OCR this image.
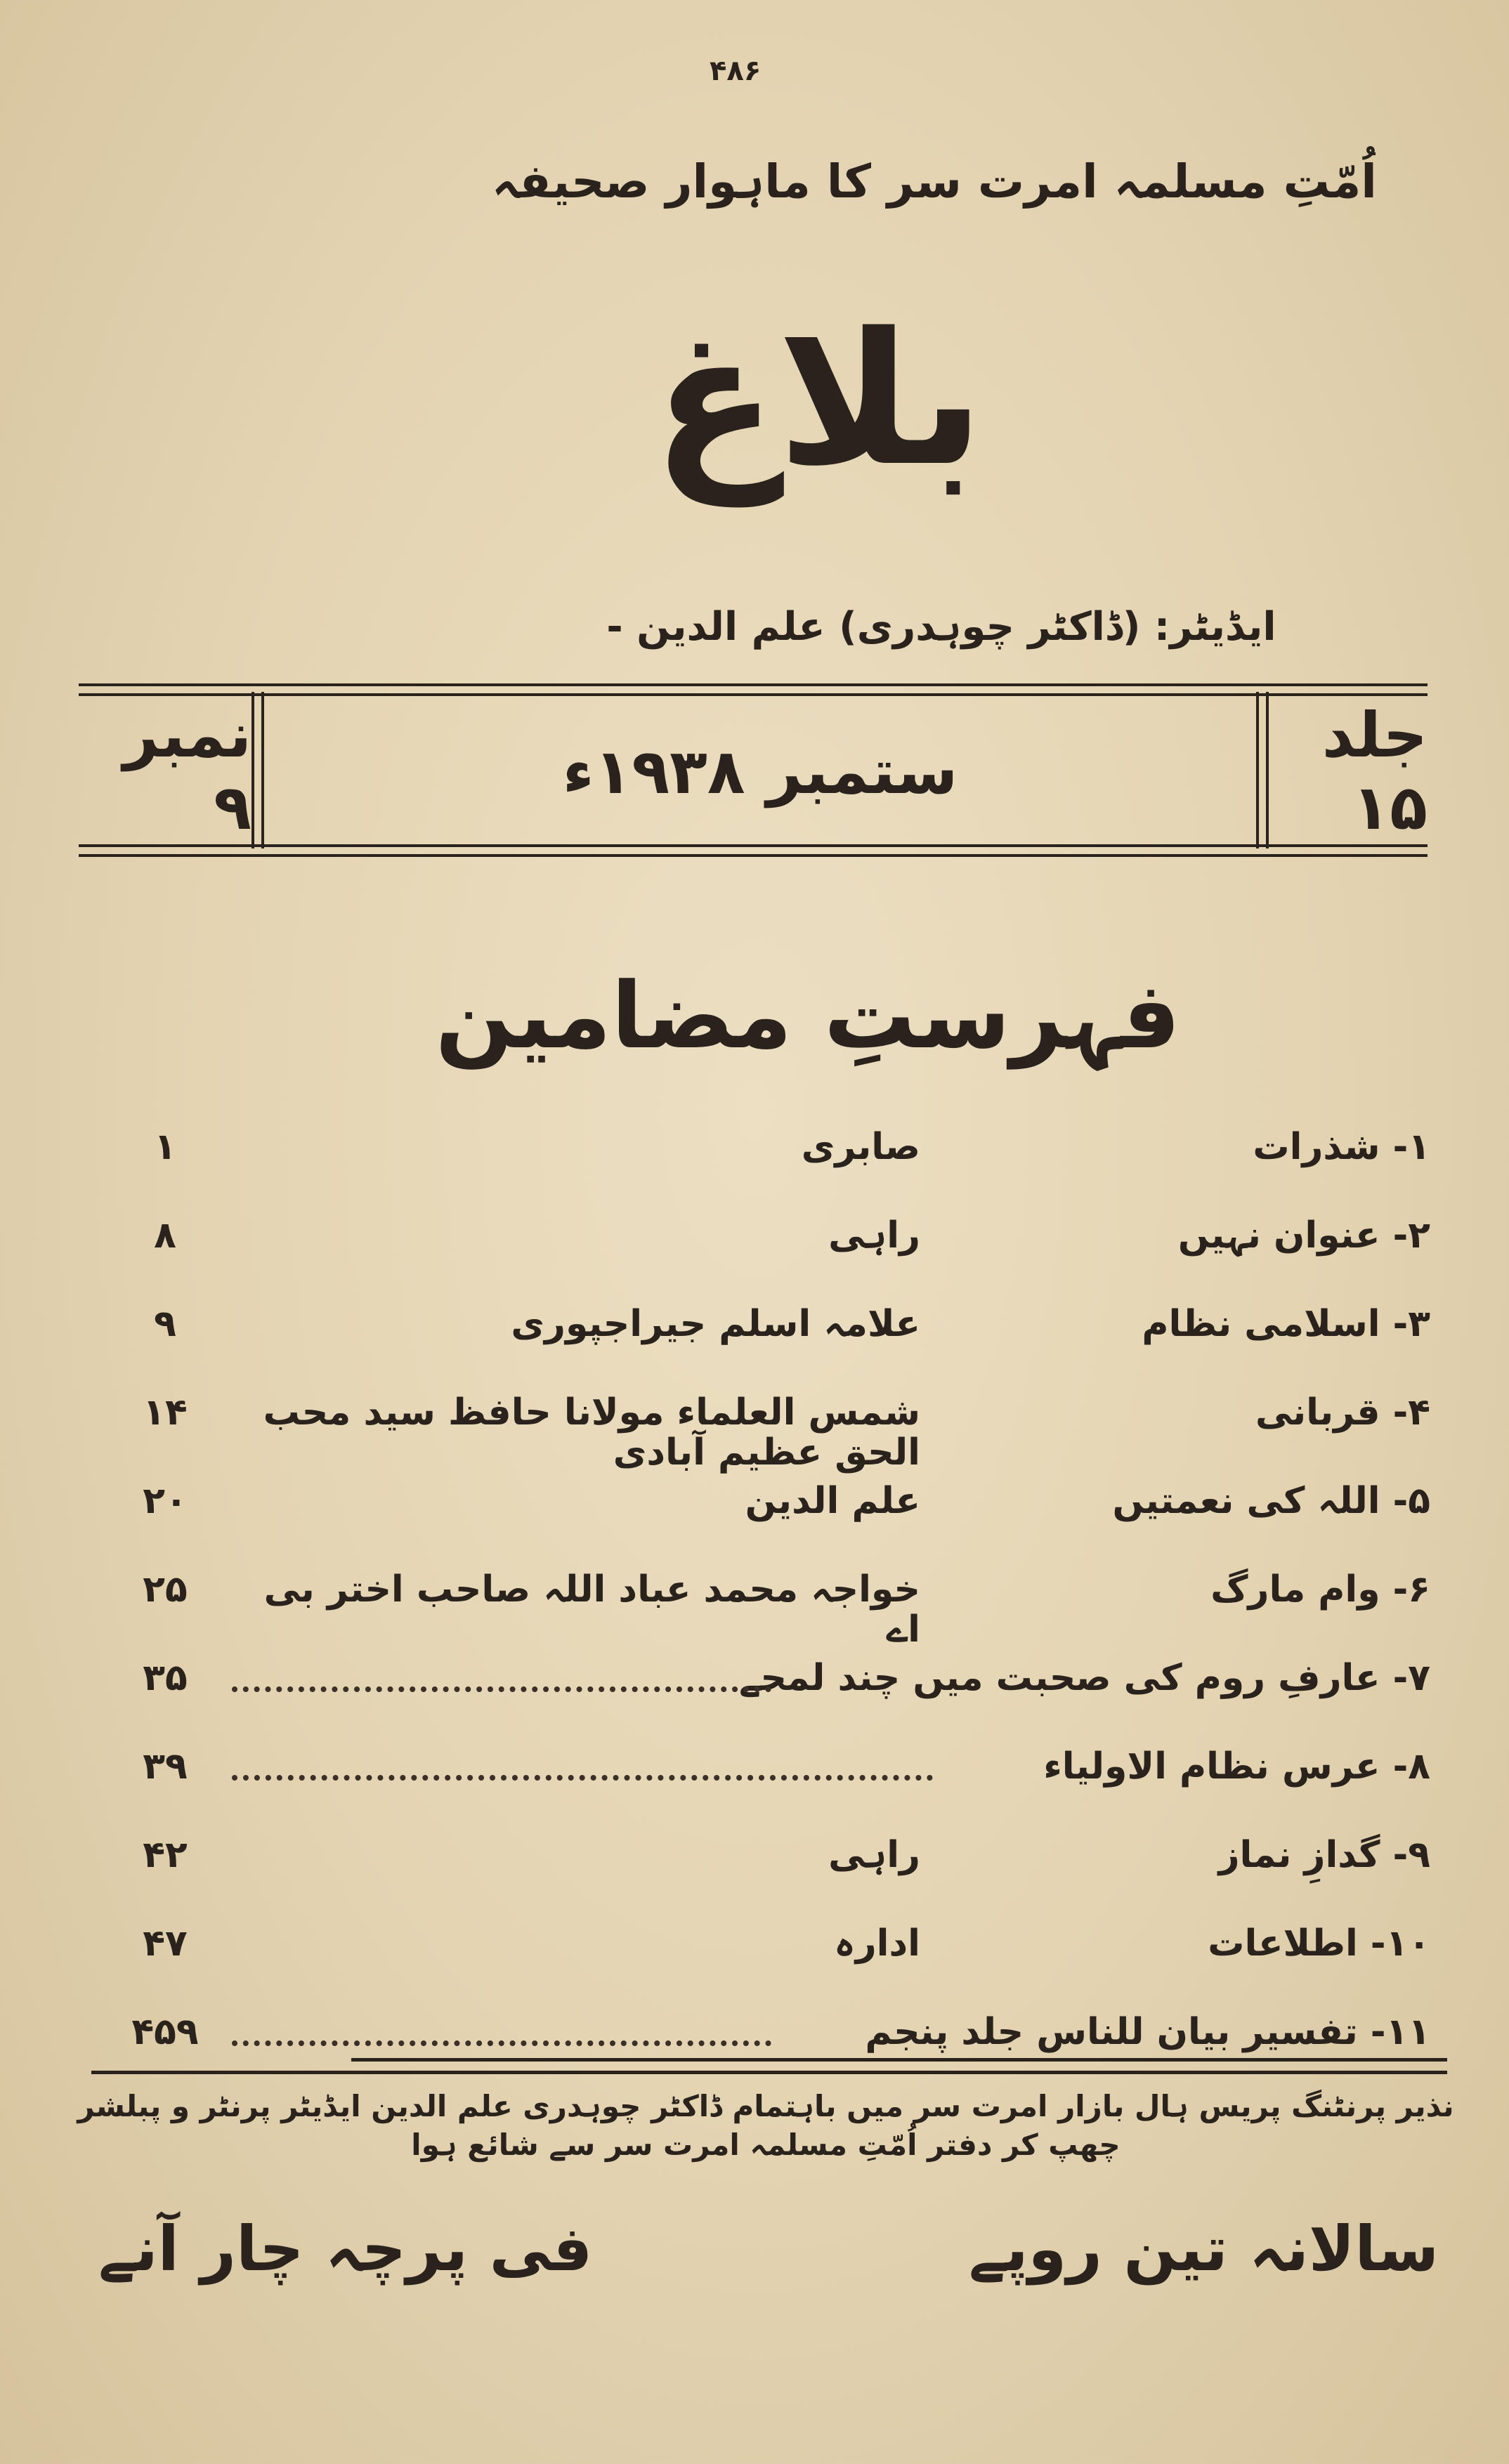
۴۸۶
اُمّتِ مسلمہ امرت سر کا ماہوار صحیفہ
بلاغ
ایڈیٹر: (ڈاکٹر چوہدری) علم الدین -
جلد ۱۵
ستمبر ۱۹۳۸ء
نمبر ۹
فہرستِ مضامین
۱- شذرات
صابری
۱
۲- عنوان نہیں
راہی
۸
۳- اسلامی نظام
علامہ اسلم جیراجپوری
۹
۴- قربانی
شمس العلماء مولانا حافظ سید محب الحق عظیم آبادی
۱۴
۵- اللہ کی نعمتیں
علم الدین
۲۰
۶- وام مارگ
خواجہ محمد عباد اللہ صاحب اختر بی اے
۲۵
۷- عارفِ روم کی صحبت میں چند لمحے
۳۵
۸- عرس نظام الاولیاء
۳۹
۹- گدازِ نماز
راہی
۴۲
۱۰- اطلاعات
ادارہ
۴۷
۱۱- تفسیر بیان للناس جلد پنجم
۴۵۹
نذیر پرنٹنگ پریس ہال بازار امرت سر میں باہتمام ڈاکٹر چوہدری علم الدین ایڈیٹر پرنٹر و پبلشر چھپ کر دفتر اُمّتِ مسلمہ امرت سر سے شائع ہوا
سالانہ تین روپے
فی پرچہ چار آنے
